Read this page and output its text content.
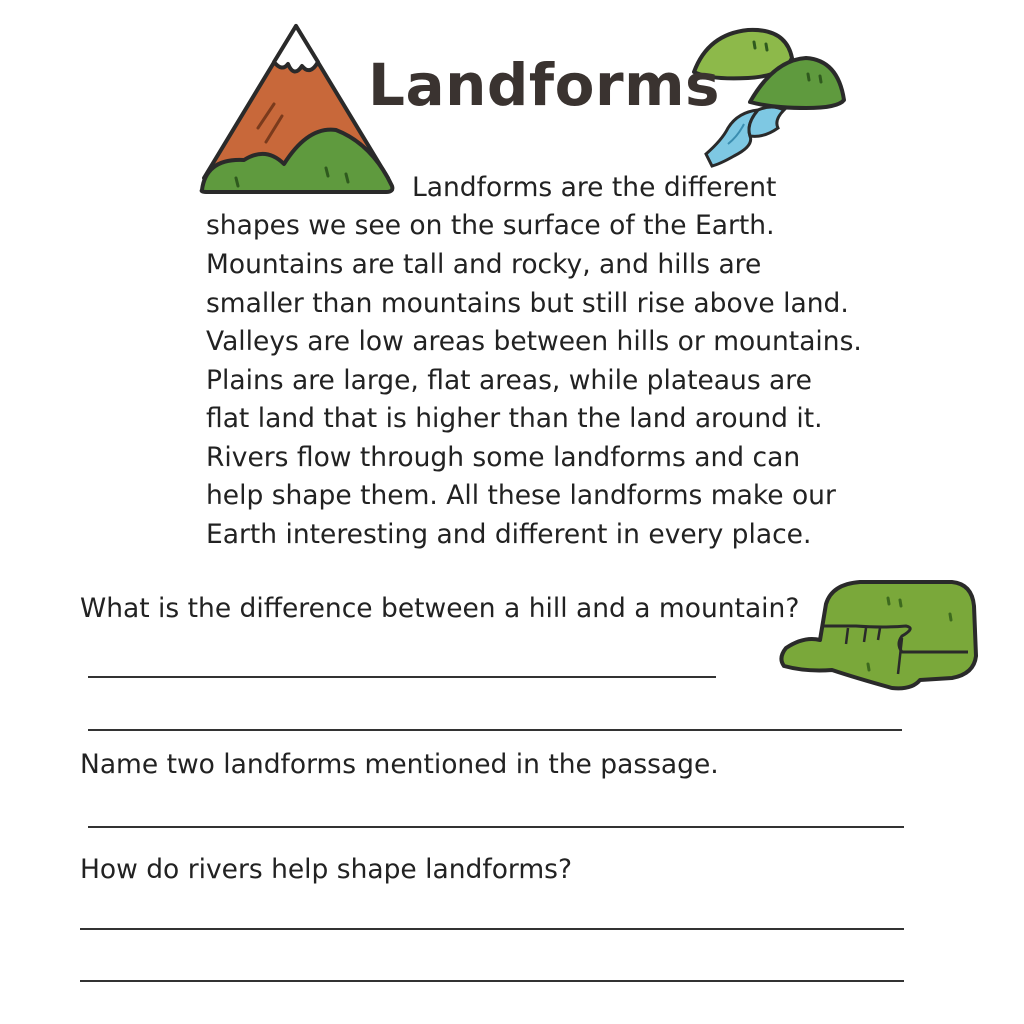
Landforms
Landforms are the different
shapes we see on the surface of the Earth.
Mountains are tall and rocky, and hills are
smaller than mountains but still rise above land.
Valleys are low areas between hills or mountains.
Plains are large, flat areas, while plateaus are
flat land that is higher than the land around it.
Rivers flow through some landforms and can
help shape them. All these landforms make our
Earth interesting and different in every place.

What is the difference between a hill and a mountain?

Name two landforms mentioned in the passage.

How do rivers help shape landforms?
